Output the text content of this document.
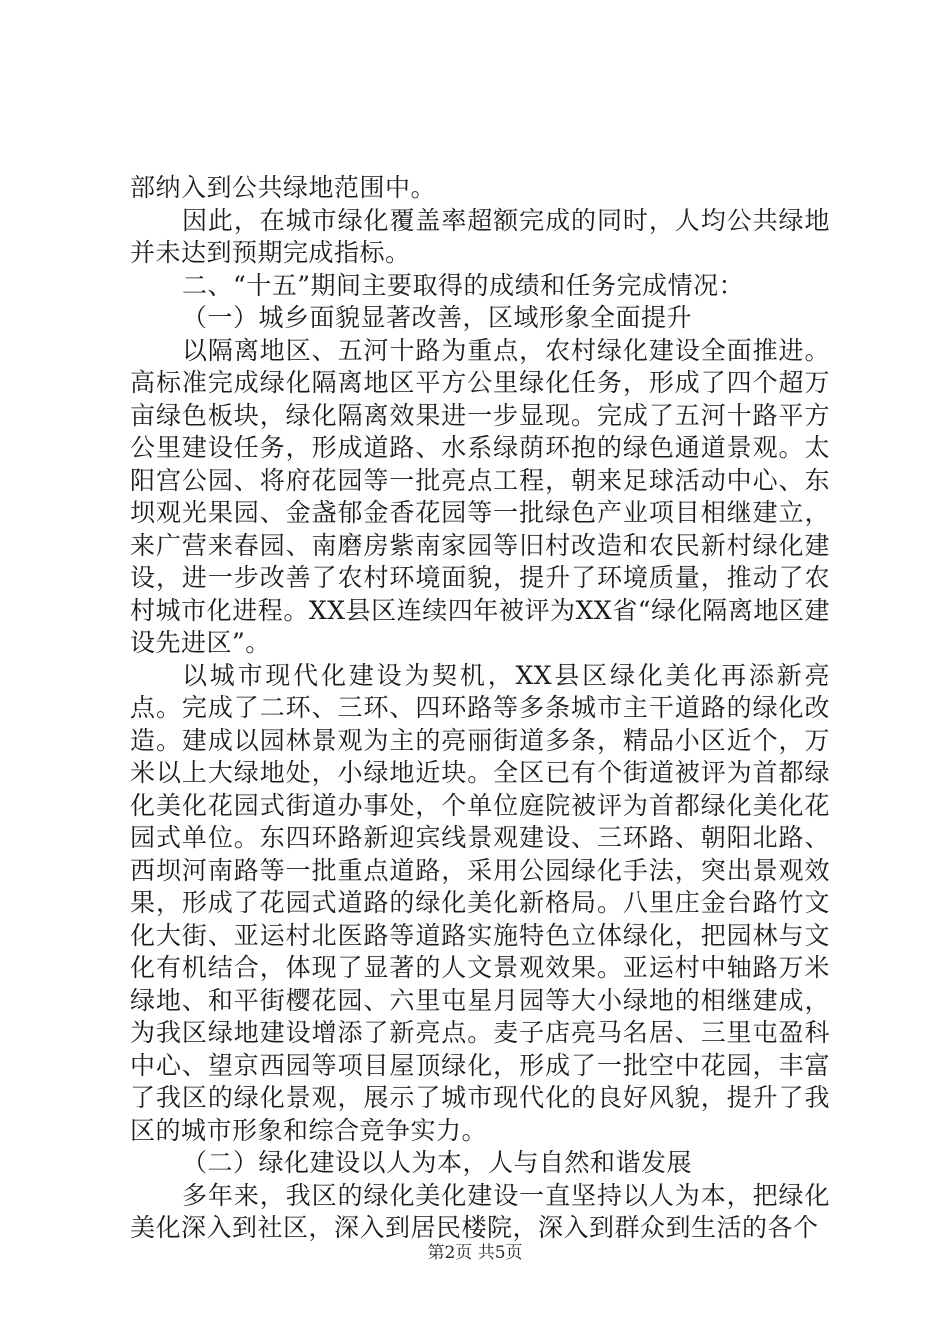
部纳入到公共绿地范围中。

因此，在城市绿化覆盖率超额完成的同时，人均公共绿地并未达到预期完成指标。

二、“十五”期间主要取得的成绩和任务完成情况：

（一）城乡面貌显著改善，区域形象全面提升

以隔离地区、五河十路为重点，农村绿化建设全面推进。高标准完成绿化隔离地区平方公里绿化任务，形成了四个超万亩绿色板块，绿化隔离效果进一步显现。完成了五河十路平方公里建设任务，形成道路、水系绿荫环抱的绿色通道景观。太阳宫公园、将府花园等一批亮点工程，朝来足球活动中心、东坝观光果园、金盏郁金香花园等一批绿色产业项目相继建立，来广营来春园、南磨房紫南家园等旧村改造和农民新村绿化建设，进一步改善了农村环境面貌，提升了环境质量，推动了农村城市化进程。XX县区连续四年被评为XX省“绿化隔离地区建设先进区”。

以城市现代化建设为契机，XX县区绿化美化再添新亮点。完成了二环、三环、四环路等多条城市主干道路的绿化改造。建成以园林景观为主的亮丽街道多条，精品小区近个，万米以上大绿地处，小绿地近块。全区已有个街道被评为首都绿化美化花园式街道办事处，个单位庭院被评为首都绿化美化花园式单位。东四环路新迎宾线景观建设、三环路、朝阳北路、西坝河南路等一批重点道路，采用公园绿化手法，突出景观效果，形成了花园式道路的绿化美化新格局。八里庄金台路竹文化大街、亚运村北医路等道路实施特色立体绿化，把园林与文化有机结合，体现了显著的人文景观效果。亚运村中轴路万米绿地、和平街樱花园、六里屯星月园等大小绿地的相继建成，为我区绿地建设增添了新亮点。麦子店亮马名居、三里屯盈科中心、望京西园等项目屋顶绿化，形成了一批空中花园，丰富了我区的绿化景观，展示了城市现代化的良好风貌，提升了我区的城市形象和综合竞争实力。

（二）绿化建设以人为本，人与自然和谐发展

多年来，我区的绿化美化建设一直坚持以人为本，把绿化美化深入到社区，深入到居民楼院，深入到群众到生活的各个

第2页 共5页
